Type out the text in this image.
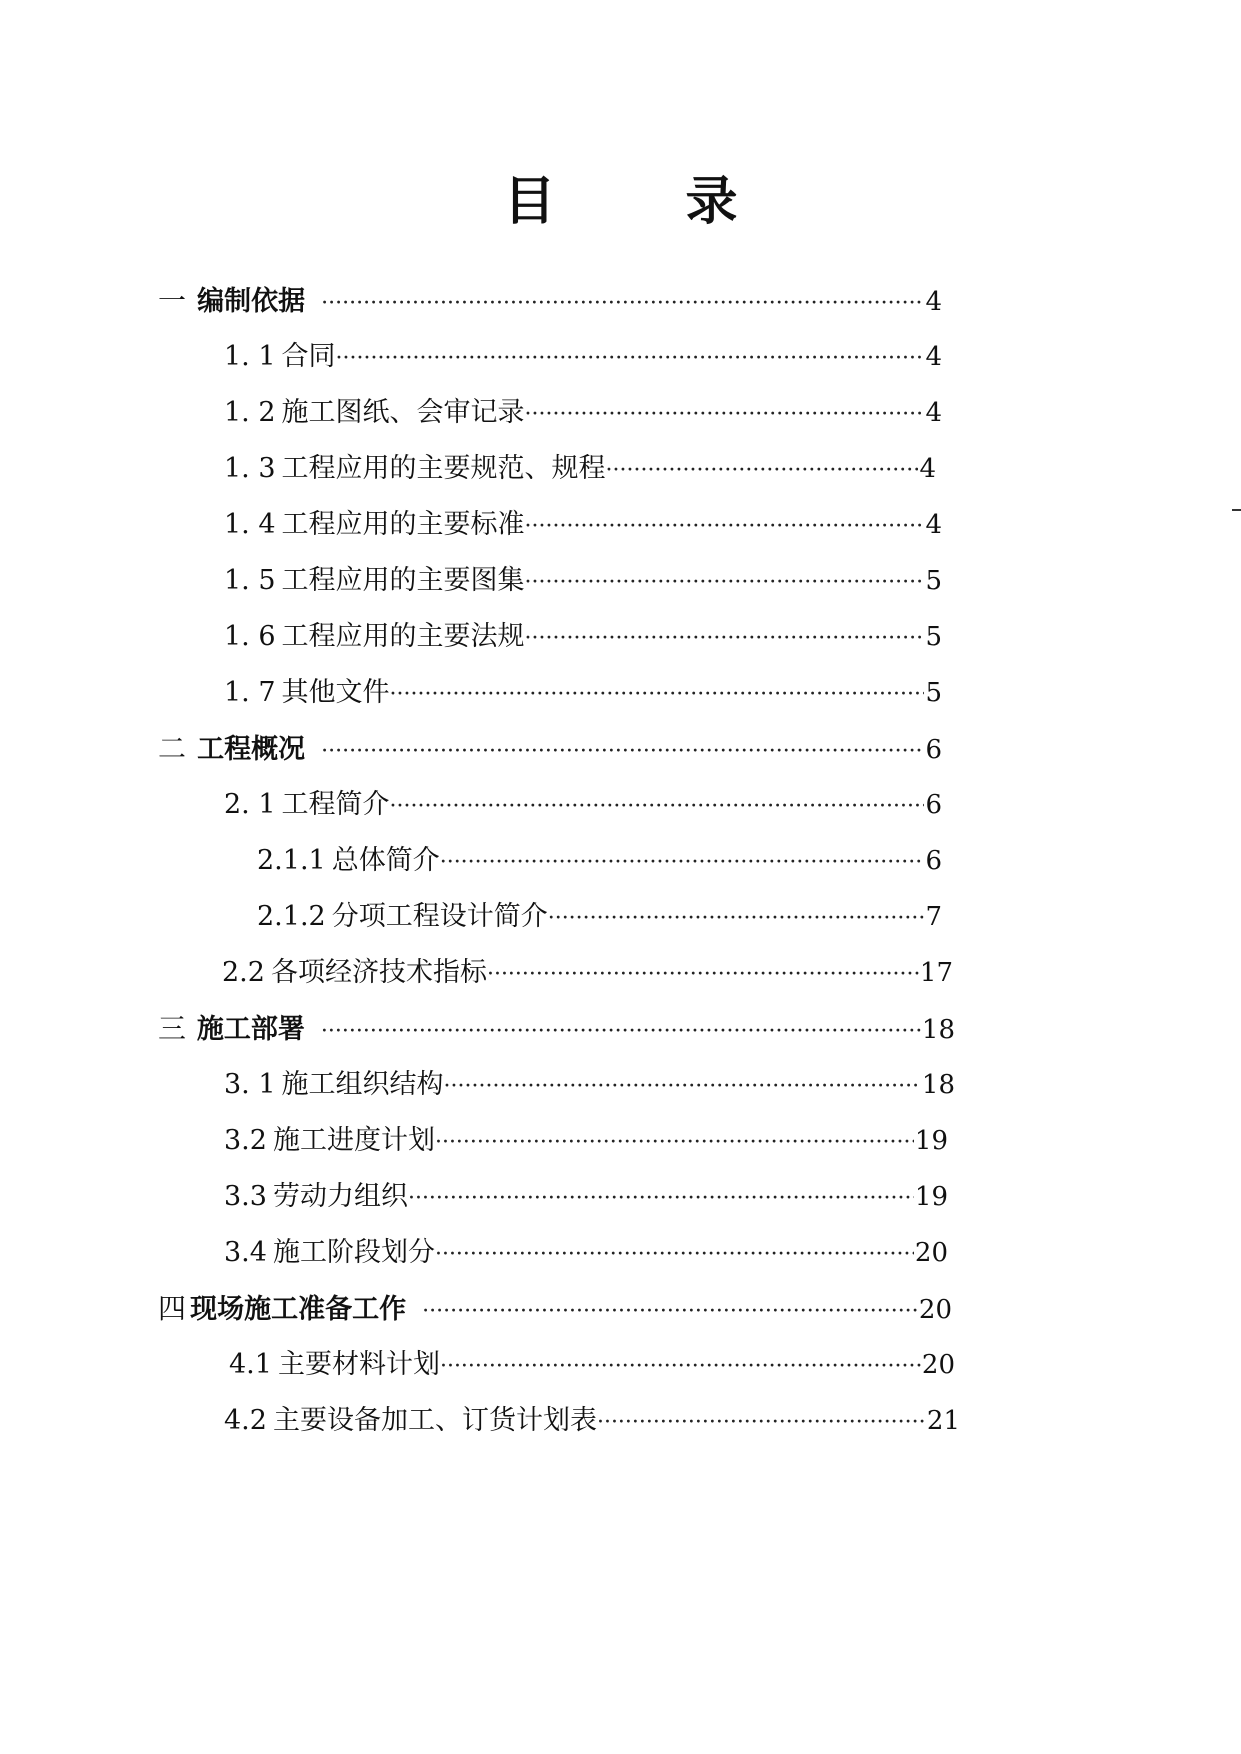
目	录
一 编制依据 ·····	4
1. 1 合同 ·····	4
1. 2 施工图纸、会审记录 ·····	4
1. 3 工程应用的主要规范、规程 ·····	4
1. 4 工程应用的主要标准 ·····	4
1. 5 工程应用的主要图集 ·····	5
1. 6 工程应用的主要法规 ·····	5
1. 7 其他文件 ·····	5
二 工程概况 ·····	6
2. 1 工程简介 ·····	6
2.1.1 总体简介 ·····	6
2.1.2 分项工程设计简介 ·····	7
2.2 各项经济技术指标 ·····	17
三 施工部署 ·····	18
3. 1 施工组织结构 ·····	18
3.2 施工进度计划 ·····	19
3.3 劳动力组织 ·····	19
3.4 施工阶段划分 ·····	20
四 现场施工准备工作 ·····	20
4.1 主要材料计划 ·····	20
4.2 主要设备加工、订货计划表 ·····	21
